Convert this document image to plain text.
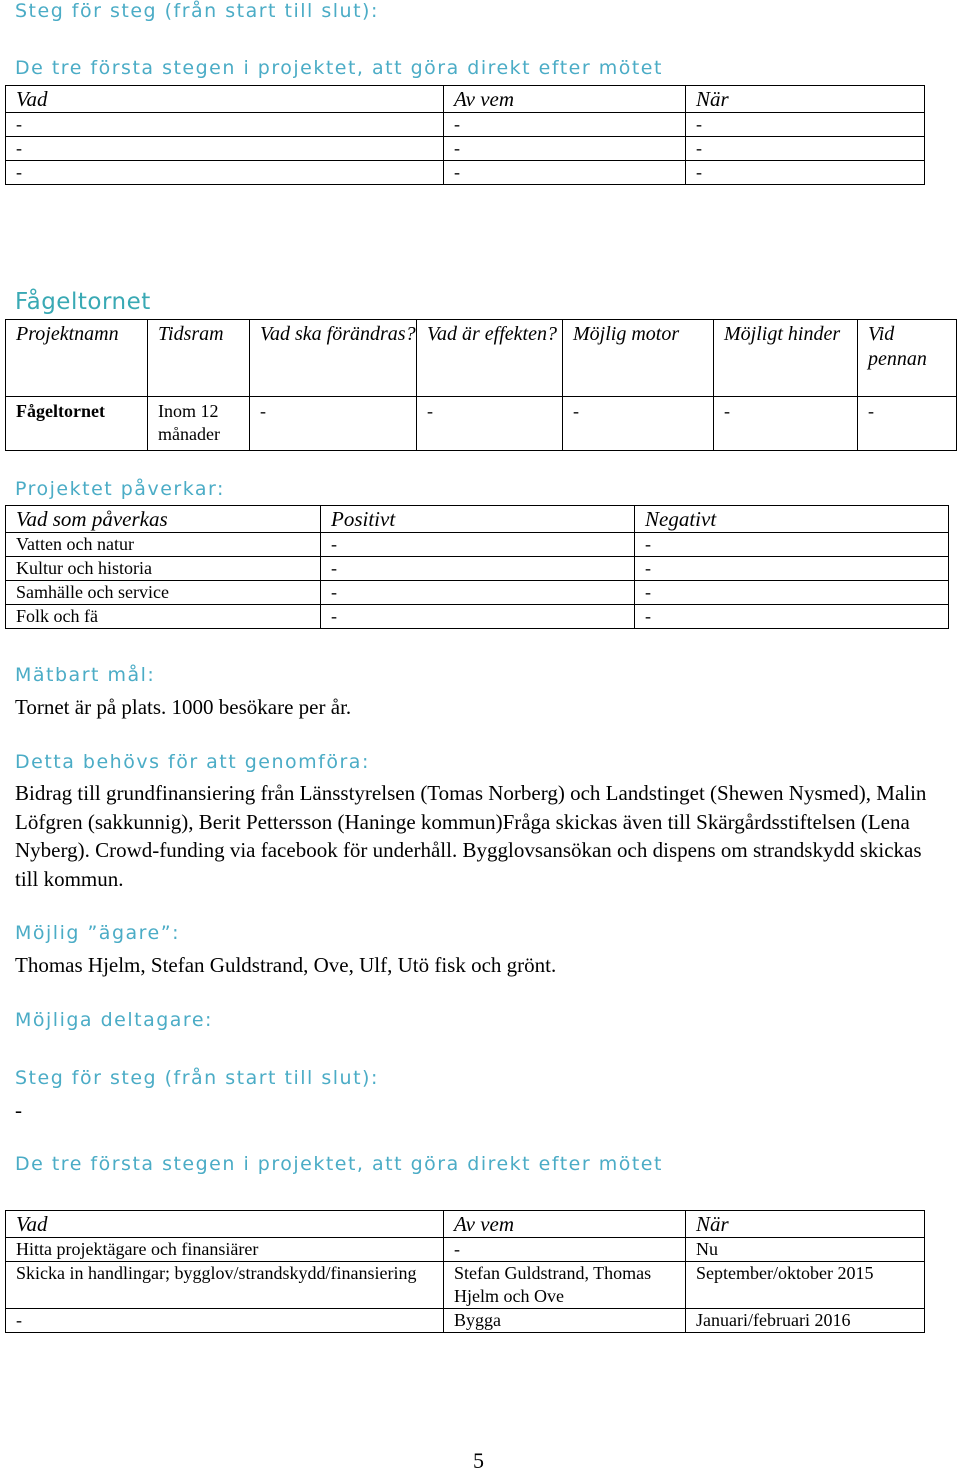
Steg för steg (från start till slut):
De tre första stegen i projektet, att göra direkt efter mötet
Vad	Av vem	När
-	-	-
-	-	-
-	-	-
Fågeltornet
Projektnamn	Tidsram	Vad ska förändras?	Vad är effekten?	Möjlig motor	Möjligt hinder	Vid pennan
Fågeltornet	Inom 12 månader	-	-	-	-	-
Projektet påverkar:
Vad som påverkas	Positivt	Negativt
Vatten och natur	-	-
Kultur och historia	-	-
Samhälle och service	-	-
Folk och fä	-	-
Mätbart mål:

Tornet är på plats. 1000 besökare per år.

Detta behövs för att genomföra:

Bidrag till grundfinansiering från Länsstyrelsen (Tomas Norberg) och Landstinget (Shewen Nysmed), Malin Löfgren (sakkunnig), Berit Pettersson (Haninge kommun)Fråga skickas även till Skärgårdsstiftelsen (Lena Nyberg). Crowd-funding via facebook för underhåll. Bygglovsansökan och dispens om strandskydd skickas till kommun.

Möjlig ”ägare”:

Thomas Hjelm, Stefan Guldstrand, Ove, Ulf, Utö fisk och grönt.

Möjliga deltagare:
Steg för steg (från start till slut):

-

De tre första stegen i projektet, att göra direkt efter mötet
Vad	Av vem	När
Hitta projektägare och finansiärer	-	Nu
Skicka in handlingar; bygglov/strandskydd/finansiering	Stefan Guldstrand, Thomas Hjelm och Ove	September/oktober 2015
-	Bygga	Januari/februari 2016
5
